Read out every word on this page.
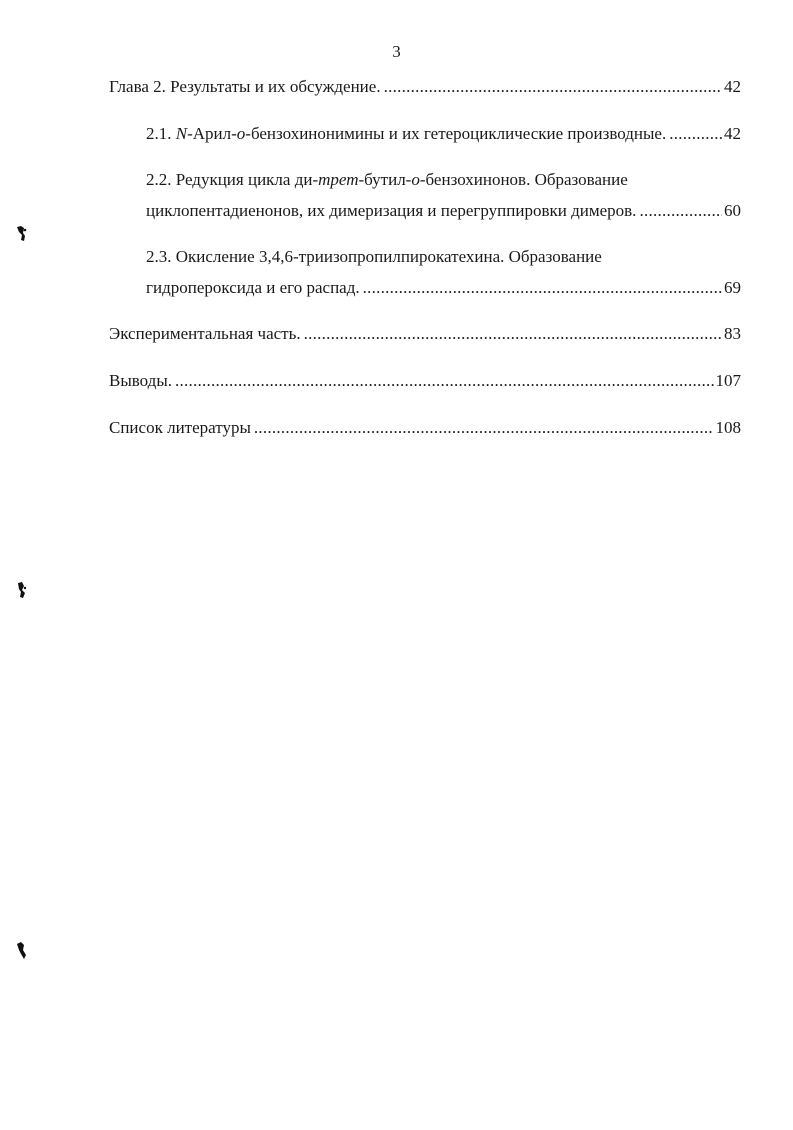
3
Глава 2. Результаты и их обсуждение. . . .	42
2.1. N-Арил-о-бензохинонимины и их гетероциклические производные. . . .	42
2.2. Редукция цикла ди-трет-бутил-о-бензохинонов. Образование
циклопентадиенонов, их димеризация и перегруппировки димеров. . . .	60
2.3. Окисление 3,4,6-триизопропилпирокатехина. Образование
гидропероксида и его распад. . . .	69
Экспериментальная часть. . . .	83
Выводы. . . .	107
Список литературы . . .	108
